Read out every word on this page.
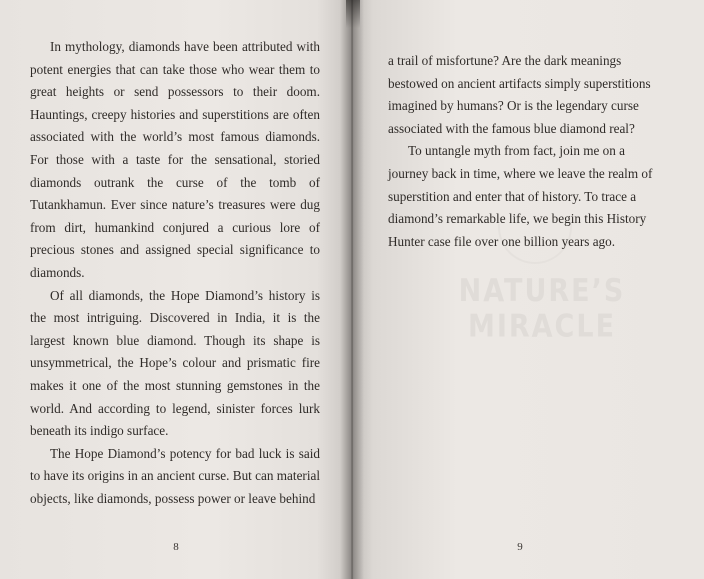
In mythology, diamonds have been attributed with potent energies that can take those who wear them to great heights or send possessors to their doom. Hauntings, creepy histories and superstitions are often associated with the world’s most famous diamonds. For those with a taste for the sensational, storied diamonds outrank the curse of the tomb of Tutankhamun. Ever since nature’s treasures were dug from dirt, humankind conjured a curious lore of precious stones and assigned special significance to diamonds.

Of all diamonds, the Hope Diamond’s history is the most intriguing. Discovered in India, it is the largest known blue diamond. Though its shape is unsymmetrical, the Hope’s colour and prismatic fire makes it one of the most stunning gemstones in the world. And according to legend, sinister forces lurk beneath its indigo surface.

The Hope Diamond’s potency for bad luck is said to have its origins in an ancient curse. But can material objects, like diamonds, possess power or leave behind

8
NATURE’S MIRACLE

a trail of misfortune? Are the dark meanings bestowed on ancient artifacts simply superstitions imagined by humans? Or is the legendary curse associated with the famous blue diamond real?

To untangle myth from fact, join me on a journey back in time, where we leave the realm of superstition and enter that of history. To trace a diamond’s remarkable life, we begin this History Hunter case file over one billion years ago.

9
